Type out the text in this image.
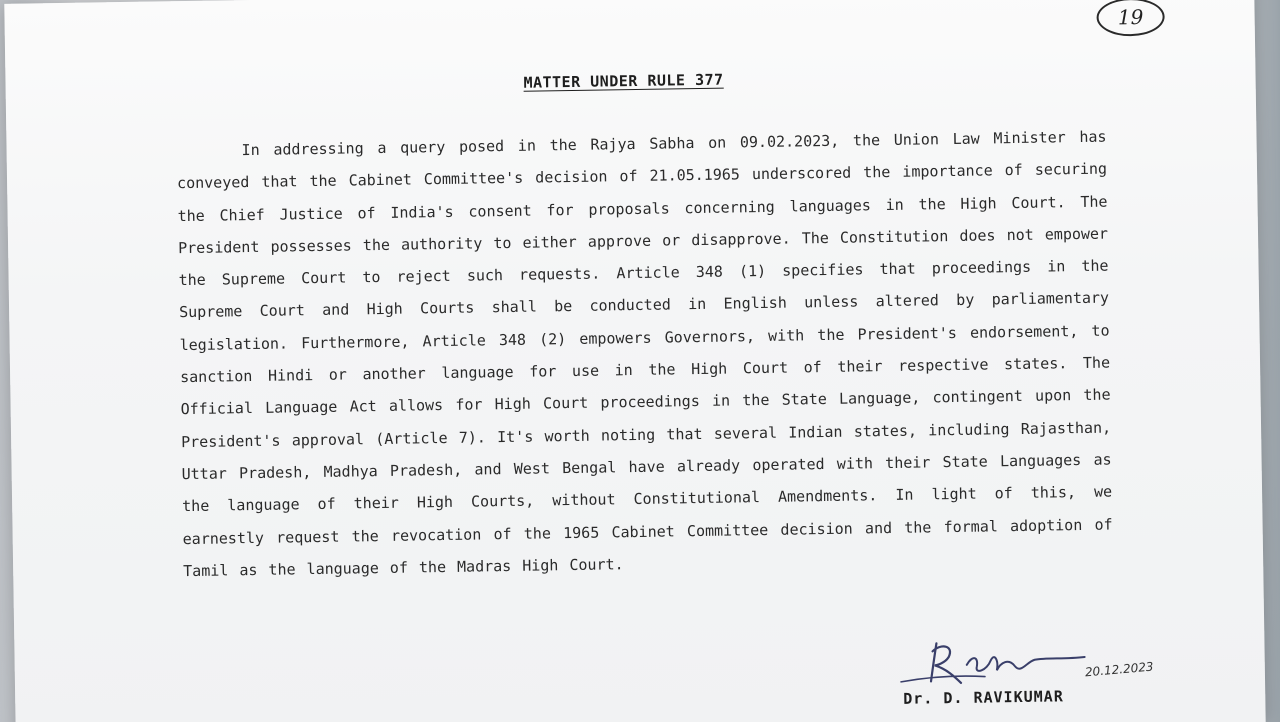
19
MATTER UNDER RULE 377

In addressing a query posed in the Rajya Sabha on 09.02.2023, the Union Law Minister has conveyed that the Cabinet Committee's decision of 21.05.1965 underscored the importance of securing the Chief Justice of India's consent for proposals concerning languages in the High Court. The President possesses the authority to either approve or disapprove. The Constitution does not empower the Supreme Court to reject such requests. Article 348 (1) specifies that proceedings in the Supreme Court and High Courts shall be conducted in English unless altered by parliamentary legislation. Furthermore, Article 348 (2) empowers Governors, with the President's endorsement, to sanction Hindi or another language for use in the High Court of their respective states. The Official Language Act allows for High Court proceedings in the State Language, contingent upon the President's approval (Article 7). It's worth noting that several Indian states, including Rajasthan, Uttar Pradesh, Madhya Pradesh, and West Bengal have already operated with their State Languages as the language of their High Courts, without Constitutional Amendments. In light of this, we earnestly request the revocation of the 1965 Cabinet Committee decision and the formal adoption of Tamil as the language of the Madras High Court.

20.12.2023
Dr. D. RAVIKUMAR
